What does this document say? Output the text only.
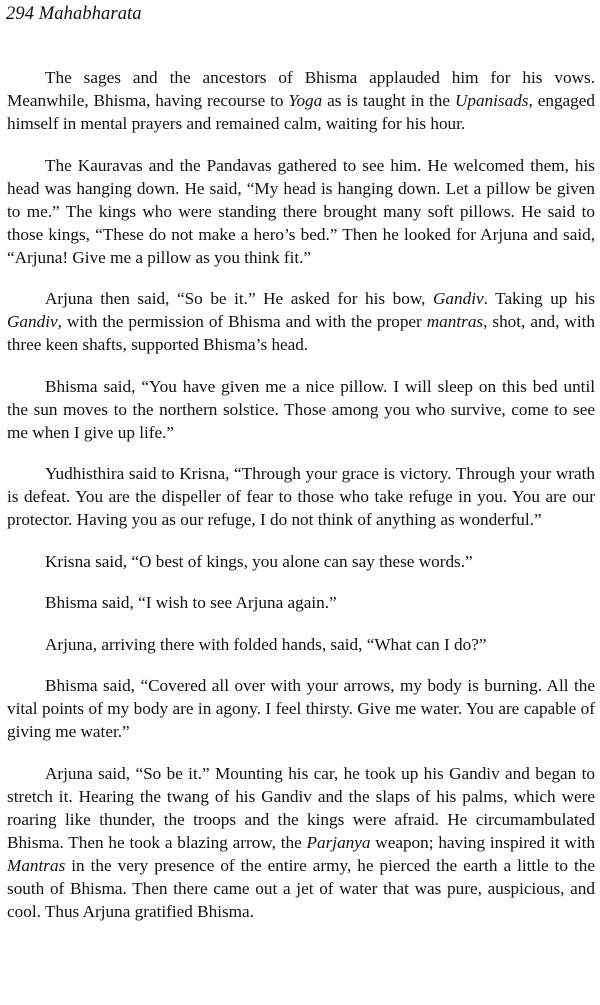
294 Mahabharata

The sages and the ancestors of Bhisma applauded him for his vows. Meanwhile, Bhisma, having recourse to Yoga as is taught in the Upanisads, engaged himself in mental prayers and remained calm, waiting for his hour.

The Kauravas and the Pandavas gathered to see him. He welcomed them, his head was hanging down. He said, “My head is hanging down. Let a pillow be given to me.” The kings who were standing there brought many soft pillows. He said to those kings, “These do not make a hero’s bed.” Then he looked for Arjuna and said, “Arjuna! Give me a pillow as you think fit.”

Arjuna then said, “So be it.” He asked for his bow, Gandiv. Taking up his Gandiv, with the permission of Bhisma and with the proper mantras, shot, and, with three keen shafts, supported Bhisma’s head.

Bhisma said, “You have given me a nice pillow. I will sleep on this bed until the sun moves to the northern solstice. Those among you who survive, come to see me when I give up life.”

Yudhisthira said to Krisna, “Through your grace is victory. Through your wrath is defeat. You are the dispeller of fear to those who take refuge in you. You are our protector. Having you as our refuge, I do not think of anything as wonderful.”

Krisna said, “O best of kings, you alone can say these words.”

Bhisma said, “I wish to see Arjuna again.”

Arjuna, arriving there with folded hands, said, “What can I do?”

Bhisma said, “Covered all over with your arrows, my body is burning. All the vital points of my body are in agony. I feel thirsty. Give me water. You are capable of giving me water.”

Arjuna said, “So be it.” Mounting his car, he took up his Gandiv and began to stretch it. Hearing the twang of his Gandiv and the slaps of his palms, which were roaring like thunder, the troops and the kings were afraid. He circumambulated Bhisma. Then he took a blazing arrow, the Parjanya weapon; having inspired it with Mantras in the very presence of the entire army, he pierced the earth a little to the south of Bhisma. Then there came out a jet of water that was pure, auspicious, and cool. Thus Arjuna gratified Bhisma.
